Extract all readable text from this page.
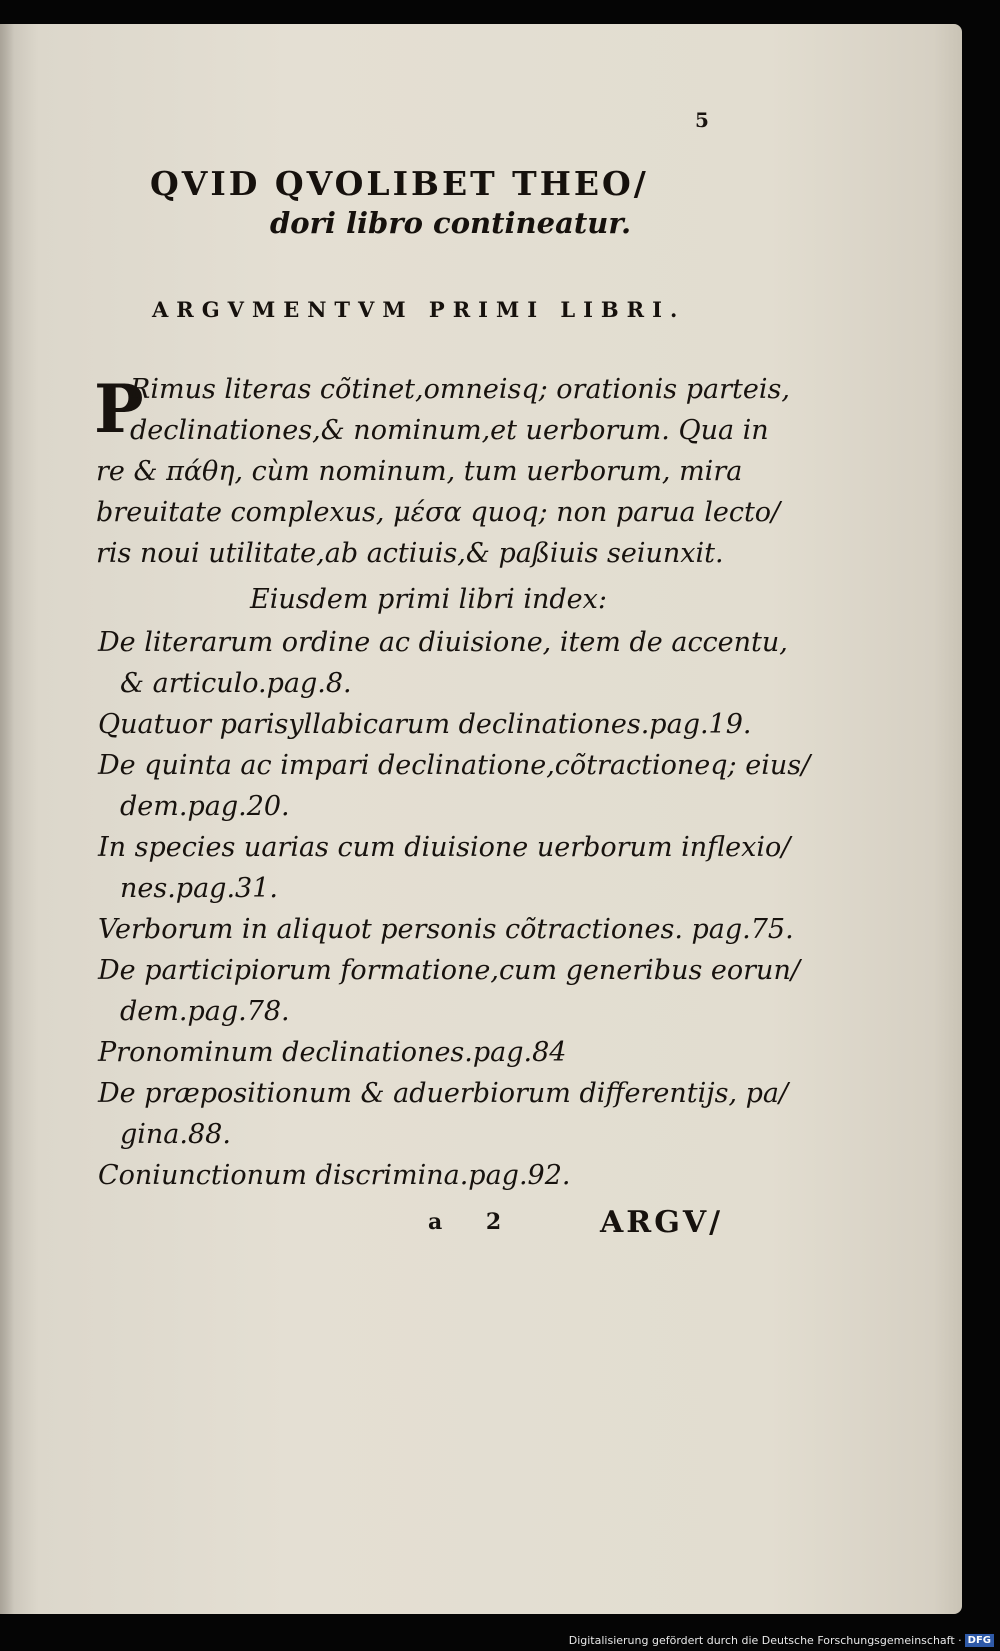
5
QVID QVOLIBET THEO/
dori libro contineatur.
ARGVMENTVM PRIMI LIBRI.
P
Rimus literas cõtinet,omneisq; orationis parteis,
declinationes,& nominum,et uerborum. Qua in
re & πάθη, cùm nominum, tum uerborum, mira
breuitate complexus, μέσα quoq; non parua lecto/
ris noui utilitate,ab actiuis,& paßiuis seiunxit.
Eiusdem primi libri index:
De literarum ordine ac diuisione, item de accentu,
& articulo.pag.8.
Quatuor parisyllabicarum declinationes.pag.19.
De quinta ac impari declinatione,cõtractioneq; eius/
dem.pag.20.
In species uarias cum diuisione uerborum inflexio/
nes.pag.31.
Verborum in aliquot personis cõtractiones. pag.75.
De participiorum formatione,cum generibus eorun/
dem.pag.78.
Pronominum declinationes.pag.84
De præpositionum & aduerbiorum differentijs, pa/
gina.88.
Coniunctionum discrimina.pag.92.
a 2	ARGV/
Digitalisierung gefördert durch die Deutsche Forschungsgemeinschaft · DFG
